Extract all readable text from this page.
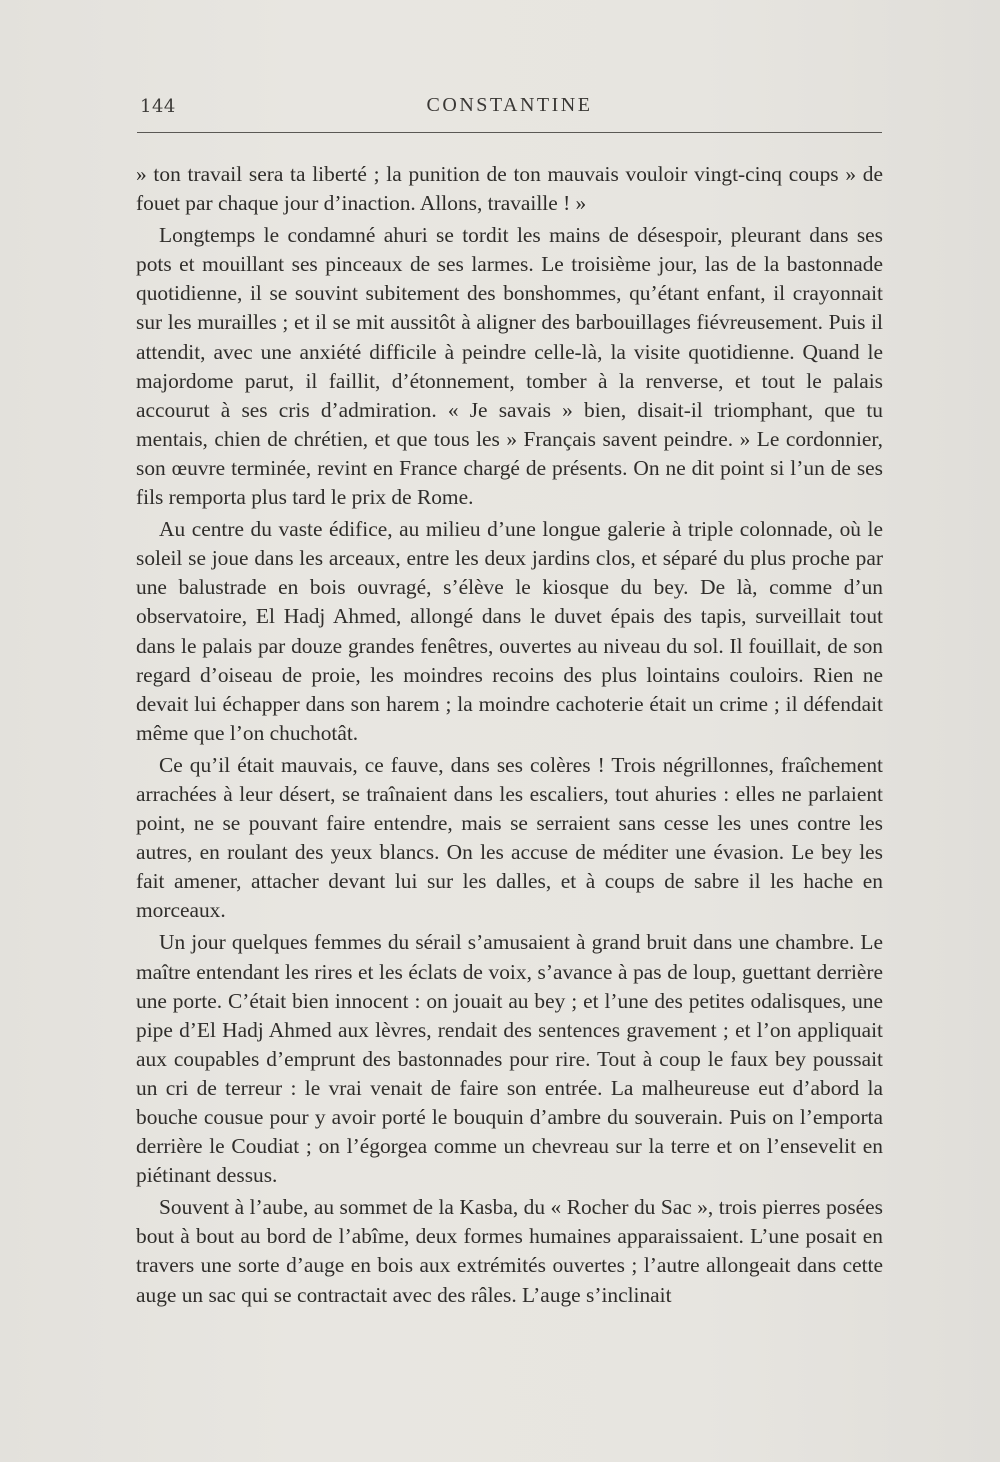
144	CONSTANTINE

» ton travail sera ta liberté ; la punition de ton mauvais vouloir vingt-cinq coups » de fouet par chaque jour d’inaction. Allons, travaille ! »

Longtemps le condamné ahuri se tordit les mains de désespoir, pleurant dans ses pots et mouillant ses pinceaux de ses larmes. Le troisième jour, las de la bastonnade quotidienne, il se souvint subitement des bonshommes, qu’étant enfant, il crayonnait sur les murailles ; et il se mit aussitôt à aligner des barbouillages fiévreusement. Puis il attendit, avec une anxiété difficile à peindre celle-là, la visite quotidienne. Quand le majordome parut, il faillit, d’étonnement, tomber à la renverse, et tout le palais accourut à ses cris d’admiration. « Je savais » bien, disait-il triomphant, que tu mentais, chien de chrétien, et que tous les » Français savent peindre. » Le cordonnier, son œuvre terminée, revint en France chargé de présents. On ne dit point si l’un de ses fils remporta plus tard le prix de Rome.

Au centre du vaste édifice, au milieu d’une longue galerie à triple colonnade, où le soleil se joue dans les arceaux, entre les deux jardins clos, et séparé du plus proche par une balustrade en bois ouvragé, s’élève le kiosque du bey. De là, comme d’un observatoire, El Hadj Ahmed, allongé dans le duvet épais des tapis, surveillait tout dans le palais par douze grandes fenêtres, ouvertes au niveau du sol. Il fouillait, de son regard d’oiseau de proie, les moindres recoins des plus lointains couloirs. Rien ne devait lui échapper dans son harem ; la moindre cachoterie était un crime ; il défendait même que l’on chuchotât.

Ce qu’il était mauvais, ce fauve, dans ses colères ! Trois négrillonnes, fraîchement arrachées à leur désert, se traînaient dans les escaliers, tout ahuries : elles ne parlaient point, ne se pouvant faire entendre, mais se serraient sans cesse les unes contre les autres, en roulant des yeux blancs. On les accuse de méditer une évasion. Le bey les fait amener, attacher devant lui sur les dalles, et à coups de sabre il les hache en morceaux.

Un jour quelques femmes du sérail s’amusaient à grand bruit dans une chambre. Le maître entendant les rires et les éclats de voix, s’avance à pas de loup, guettant derrière une porte. C’était bien innocent : on jouait au bey ; et l’une des petites odalisques, une pipe d’El Hadj Ahmed aux lèvres, rendait des sentences gravement ; et l’on appliquait aux coupables d’emprunt des bastonnades pour rire. Tout à coup le faux bey poussait un cri de terreur : le vrai venait de faire son entrée. La malheureuse eut d’abord la bouche cousue pour y avoir porté le bouquin d’ambre du souverain. Puis on l’emporta derrière le Coudiat ; on l’égorgea comme un chevreau sur la terre et on l’ensevelit en piétinant dessus.

Souvent à l’aube, au sommet de la Kasba, du « Rocher du Sac », trois pierres posées bout à bout au bord de l’abîme, deux formes humaines apparaissaient. L’une posait en travers une sorte d’auge en bois aux extrémités ouvertes ; l’autre allongeait dans cette auge un sac qui se contractait avec des râles. L’auge s’inclinait
